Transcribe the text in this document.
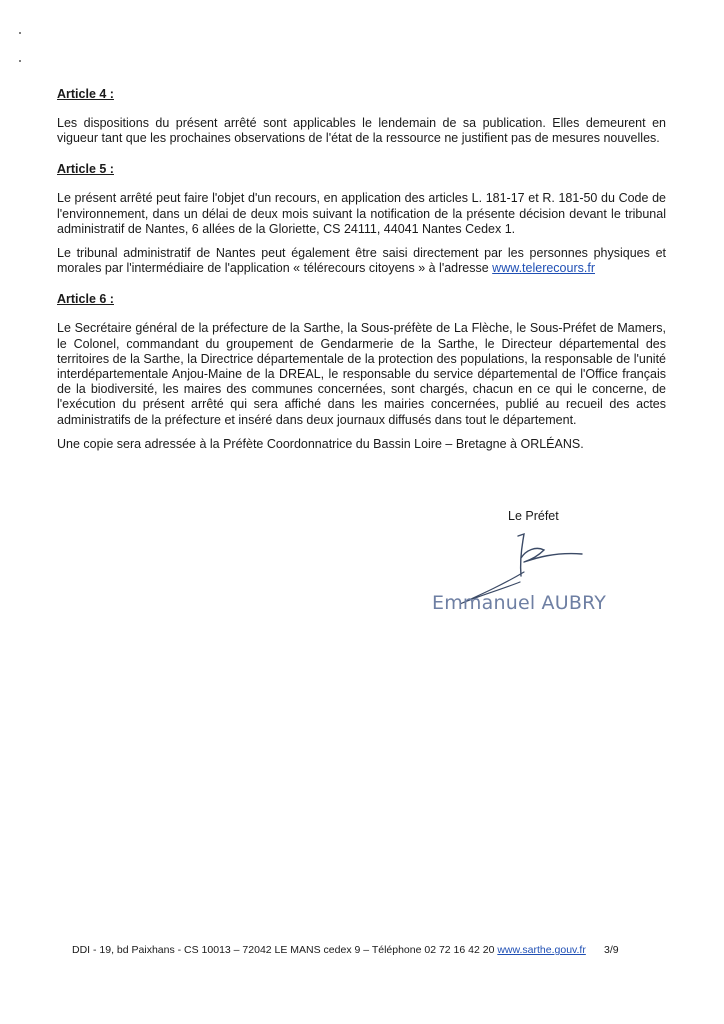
Article 4 :

Les dispositions du présent arrêté sont applicables le lendemain de sa publication. Elles demeurent en vigueur tant que les prochaines observations de l'état de la ressource ne justifient pas de mesures nouvelles.

Article 5 :

Le présent arrêté peut faire l'objet d'un recours, en application des articles L. 181-17 et R. 181-50 du Code de l'environnement, dans un délai de deux mois suivant la notification de la présente décision devant le tribunal administratif de Nantes, 6 allées de la Gloriette, CS 24111, 44041 Nantes Cedex 1.

Le tribunal administratif de Nantes peut également être saisi directement par les personnes physiques et morales par l'intermédiaire de l'application « télérecours citoyens » à l'adresse www.telerecours.fr

Article 6 :

Le Secrétaire général de la préfecture de la Sarthe, la Sous-préfète de La Flèche, le Sous-Préfet de Mamers, le Colonel, commandant du groupement de Gendarmerie de la Sarthe, le Directeur départemental des territoires de la Sarthe, la Directrice départementale de la protection des populations, la responsable de l'unité interdépartementale Anjou-Maine de la DREAL, le responsable du service départemental de l'Office français de la biodiversité, les maires des communes concernées, sont chargés, chacun en ce qui le concerne, de l'exécution du présent arrêté qui sera affiché dans les mairies concernées, publié au recueil des actes administratifs de la préfecture et inséré dans deux journaux diffusés dans tout le département.

Une copie sera adressée à la Préfète Coordonnatrice du Bassin Loire – Bretagne à ORLÉANS.

Le Préfet
Emmanuel AUBRY
DDI - 19, bd Paixhans - CS 10013 – 72042 LE MANS cedex 9 – Téléphone 02 72 16 42 20 www.sarthe.gouv.fr 3/9
